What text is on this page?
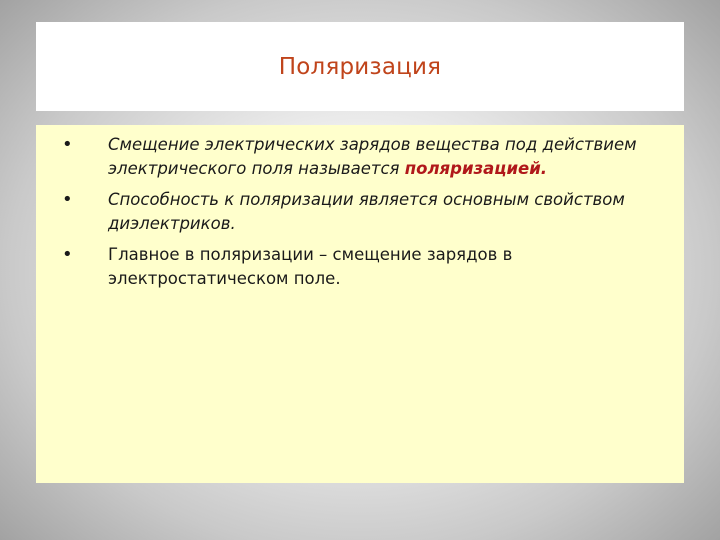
Поляризация
• Смещение электрических зарядов вещества под действием электрического поля называется поляризацией.
• Способность к поляризации является основным свойством диэлектриков.
• Главное в поляризации – смещение зарядов в электростатическом поле.
